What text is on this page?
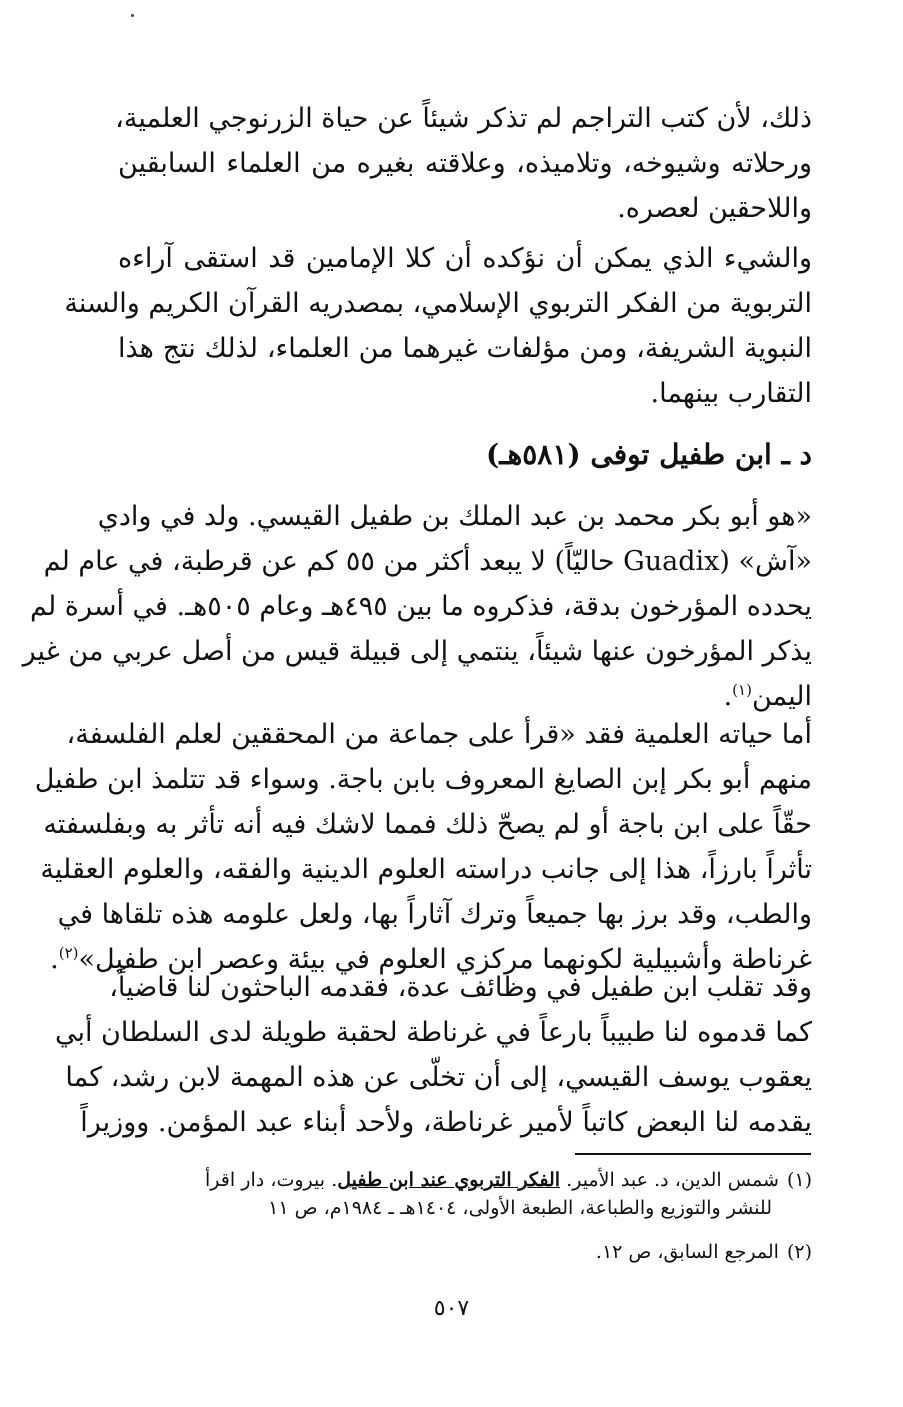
ذلك، لأن كتب التراجم لم تذكر شيئاً عن حياة الزرنوجي العلمية،
ورحلاته وشيوخه، وتلاميذه، وعلاقته بغيره من العلماء السابقين
واللاحقين لعصره.
والشيء الذي يمكن أن نؤكده أن كلا الإمامين قد استقى آراءه
التربوية من الفكر التربوي الإسلامي، بمصدريه القرآن الكريم والسنة
النبوية الشريفة، ومن مؤلفات غيرهما من العلماء، لذلك نتج هذا
التقارب بينهما.
د ـ ابن طفيل توفى (٥٨١هـ)
«هو أبو بكر محمد بن عبد الملك بن طفيل القيسي. ولد في وادي
«آش» (Guadix حاليّاً) لا يبعد أكثر من ٥٥ كم عن قرطبة، في عام لم
يحدده المؤرخون بدقة، فذكروه ما بين ٤٩٥هـ وعام ٥٠٥هـ. في أسرة لم
يذكر المؤرخون عنها شيئاً، ينتمي إلى قبيلة قيس من أصل عربي من غير
اليمن$^{(١)}$.
أما حياته العلمية فقد «قرأ على جماعة من المحققين لعلم الفلسفة،
منهم أبو بكر إبن الصايغ المعروف بابن باجة. وسواء قد تتلمذ ابن طفيل
حقّاً على ابن باجة أو لم يصحّ ذلك فمما لاشك فيه أنه تأثر به وبفلسفته
تأثراً بارزاً، هذا إلى جانب دراسته العلوم الدينية والفقه، والعلوم العقلية
والطب، وقد برز بها جميعاً وترك آثاراً بها، ولعل علومه هذه تلقاها في
غرناطة وأشبيلية لكونهما مركزي العلوم في بيئة وعصر ابن طفيل»$^{(٢)}$.
وقد تقلب ابن طفيل في وظائف عدة، فقدمه الباحثون لنا قاضياً،
كما قدموه لنا طبيباً بارعاً في غرناطة لحقبة طويلة لدى السلطان أبي
يعقوب يوسف القيسي، إلى أن تخلّى عن هذه المهمة لابن رشد، كما
يقدمه لنا البعض كاتباً لأمير غرناطة، ولأحد أبناء عبد المؤمن. ووزيراً
(١)شمس الدين، د. عبد الأمير. الفكر التربوي عند ابن طفيل. بيروت، دار اقرأ
للنشر والتوزيع والطباعة، الطبعة الأولى، ١٤٠٤هـ ـ ١٩٨٤م، ص ١١
(٢)المرجع السابق، ص ١٢.
٥٠٧
